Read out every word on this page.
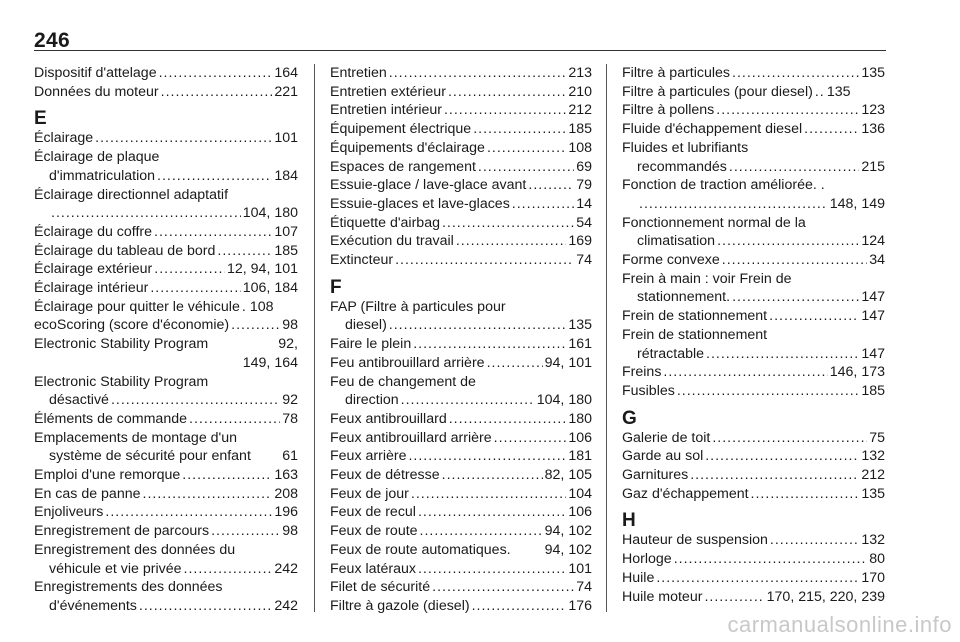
246
Dispositif d'attelage .....	164
Données du moteur .....	221
E
Éclairage .....	101
Éclairage de plaque
d'immatriculation .....	184
Éclairage directionnel adaptatif
.....
104, 180
Éclairage du coffre .....	107
Éclairage du tableau de bord .....	185
Éclairage extérieur .....	12, 94, 101
Éclairage intérieur .....	106, 184
Éclairage pour quitter le véhicule ..... 108
ecoScoring (score d'économie) .....	98
Electronic Stability Program	92,
149, 164
Electronic Stability Program
désactivé .....	92
Éléments de commande .....	78
Emplacements de montage d'un
système de sécurité pour enfant 61
Emploi d'une remorque .....	163
En cas de panne .....	208
Enjoliveurs .....	196
Enregistrement de parcours .....	98
Enregistrement des données du
véhicule et vie privée .....	242
Enregistrements des données
d'événements .....	242
Entretien .....	213
Entretien extérieur .....	210
Entretien intérieur .....	212
Équipement électrique .....	185
Équipements d'éclairage .....	108
Espaces de rangement .....	69
Essuie-glace / lave-glace avant .....	79
Essuie-glaces et lave-glaces .....	14
Étiquette d'airbag .....	54
Exécution du travail .....	169
Extincteur .....	74
F
FAP (Filtre à particules pour
diesel) .....	135
Faire le plein .....	161
Feu antibrouillard arrière .....	94, 101
Feu de changement de
direction .....	104, 180
Feux antibrouillard .....	180
Feux antibrouillard arrière .....	106
Feux arrière .....	181
Feux de détresse .....	82, 105
Feux de jour .....	104
Feux de recul .....	106
Feux de route .....	94, 102
Feux de route automatiques. 94, 102
Feux latéraux .....	101
Filet de sécurité .....	74
Filtre à gazole (diesel) .....	176
Filtre à particules .....	135
Filtre à particules (pour diesel) ..... 135
Filtre à pollens .....	123
Fluide d'échappement diesel .....	136
Fluides et lubrifiants
recommandés .....	215
Fonction de traction améliorée. .
.....
148, 149
Fonctionnement normal de la
climatisation .....	124
Forme convexe .....	34
Frein à main : voir Frein de
stationnement. .....	147
Frein de stationnement .....	147
Frein de stationnement
rétractable .....	147
Freins .....	146, 173
Fusibles .....	185
G
Galerie de toit .....	75
Garde au sol .....	132
Garnitures .....	212
Gaz d'échappement .....	135
H
Hauteur de suspension .....	132
Horloge .....	80
Huile .....	170
Huile moteur .....	170, 215, 220, 239
carmanualsonline.info
